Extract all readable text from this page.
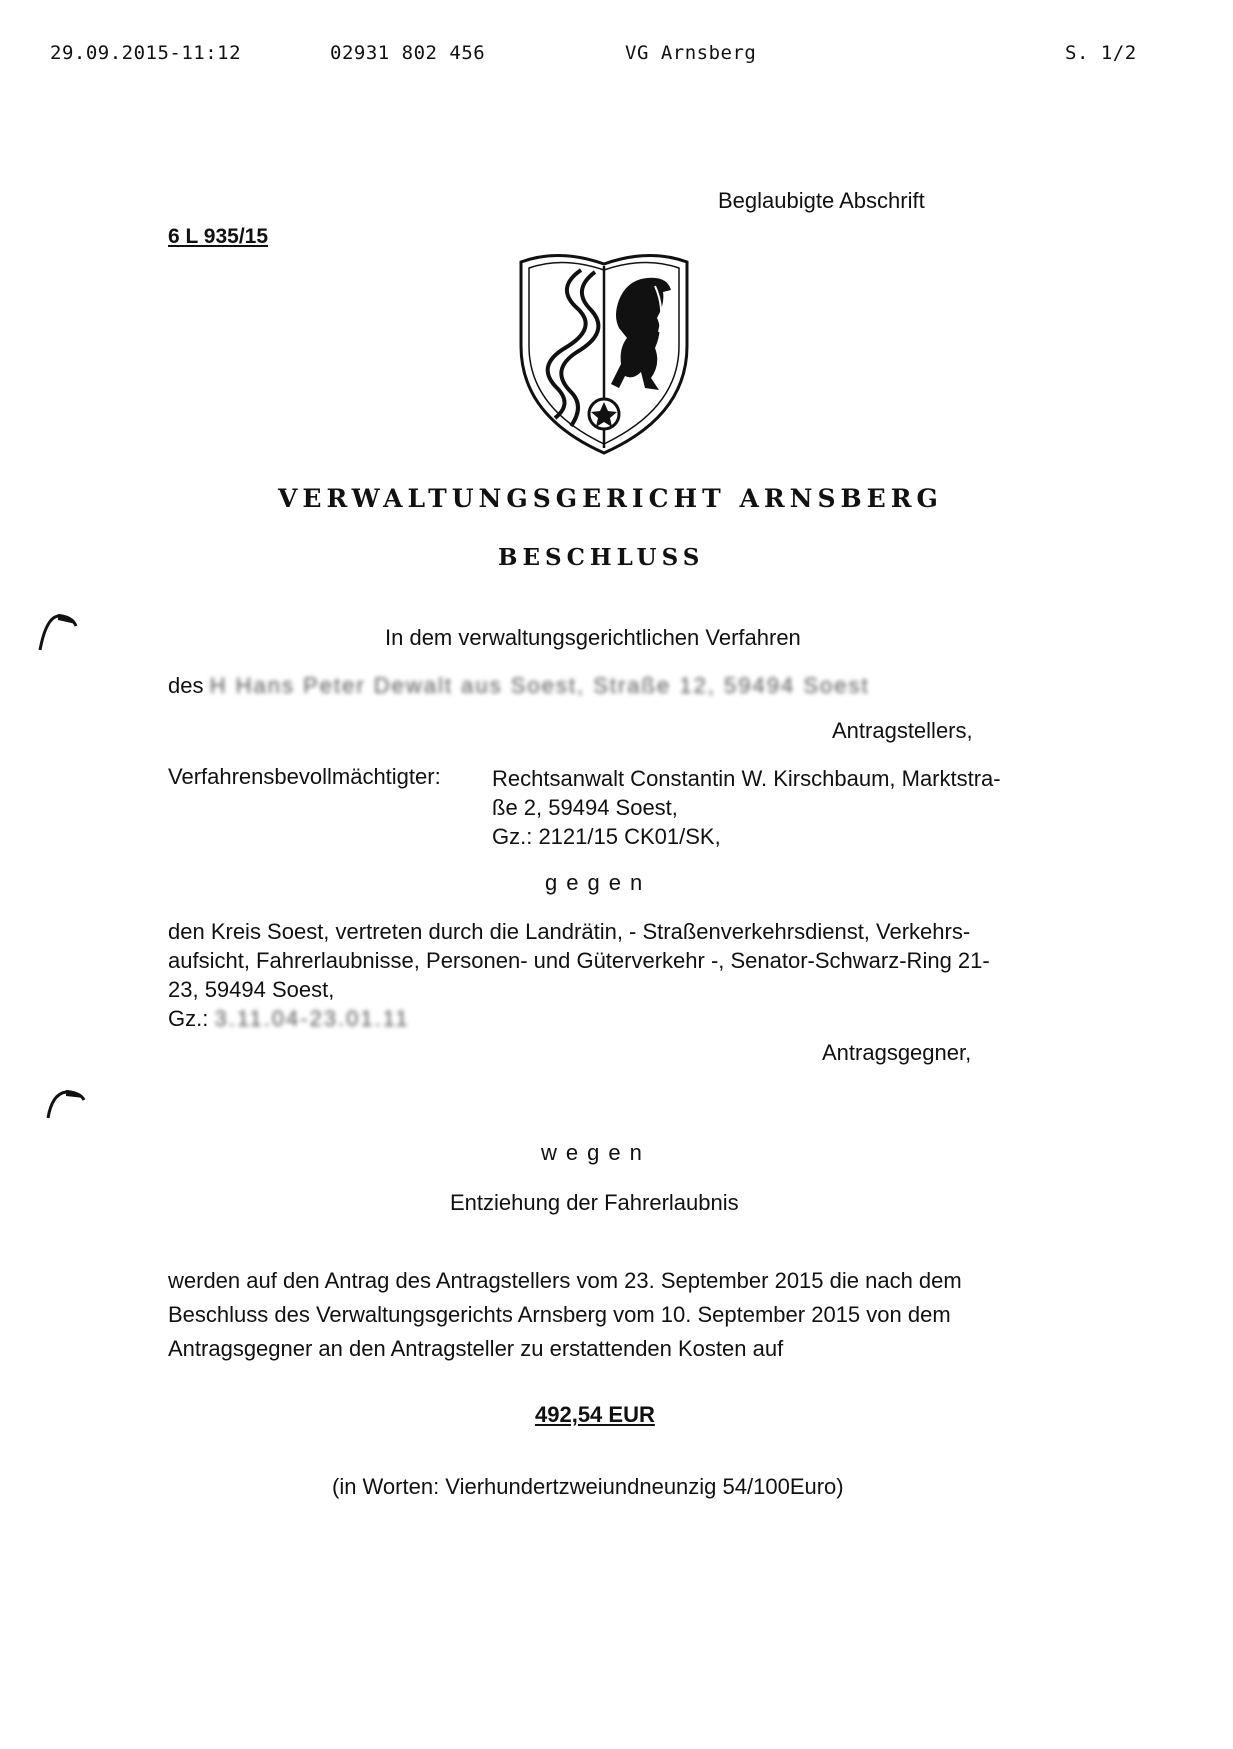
29.09.2015-11:12	02931 802 456	VG Arnsberg	S. 1/2
Beglaubigte Abschrift
6 L 935/15
VERWALTUNGSGERICHT ARNSBERG
BESCHLUSS
In dem verwaltungsgerichtlichen Verfahren
des H Hans Peter Dewalt aus Soest, Straße 12, 59494 Soest
Antragstellers,
Verfahrensbevollmächtigter: Rechtsanwalt Constantin W. Kirschbaum, Marktstra-
ße 2, 59494 Soest,
Gz.: 2121/15 CK01/SK,
gegen
den Kreis Soest, vertreten durch die Landrätin, - Straßenverkehrsdienst, Verkehrs-
aufsicht, Fahrerlaubnisse, Personen- und Güterverkehr -, Senator-Schwarz-Ring 21-
23, 59494 Soest,
Gz.: 3.11.04-23.01.11
Antragsgegner,
wegen
Entziehung der Fahrerlaubnis
werden auf den Antrag des Antragstellers vom 23. September 2015 die nach dem
Beschluss des Verwaltungsgerichts Arnsberg vom 10. September 2015 von dem
Antragsgegner an den Antragsteller zu erstattenden Kosten auf
492,54 EUR
(in Worten: Vierhundertzweiundneunzig 54/100Euro)
